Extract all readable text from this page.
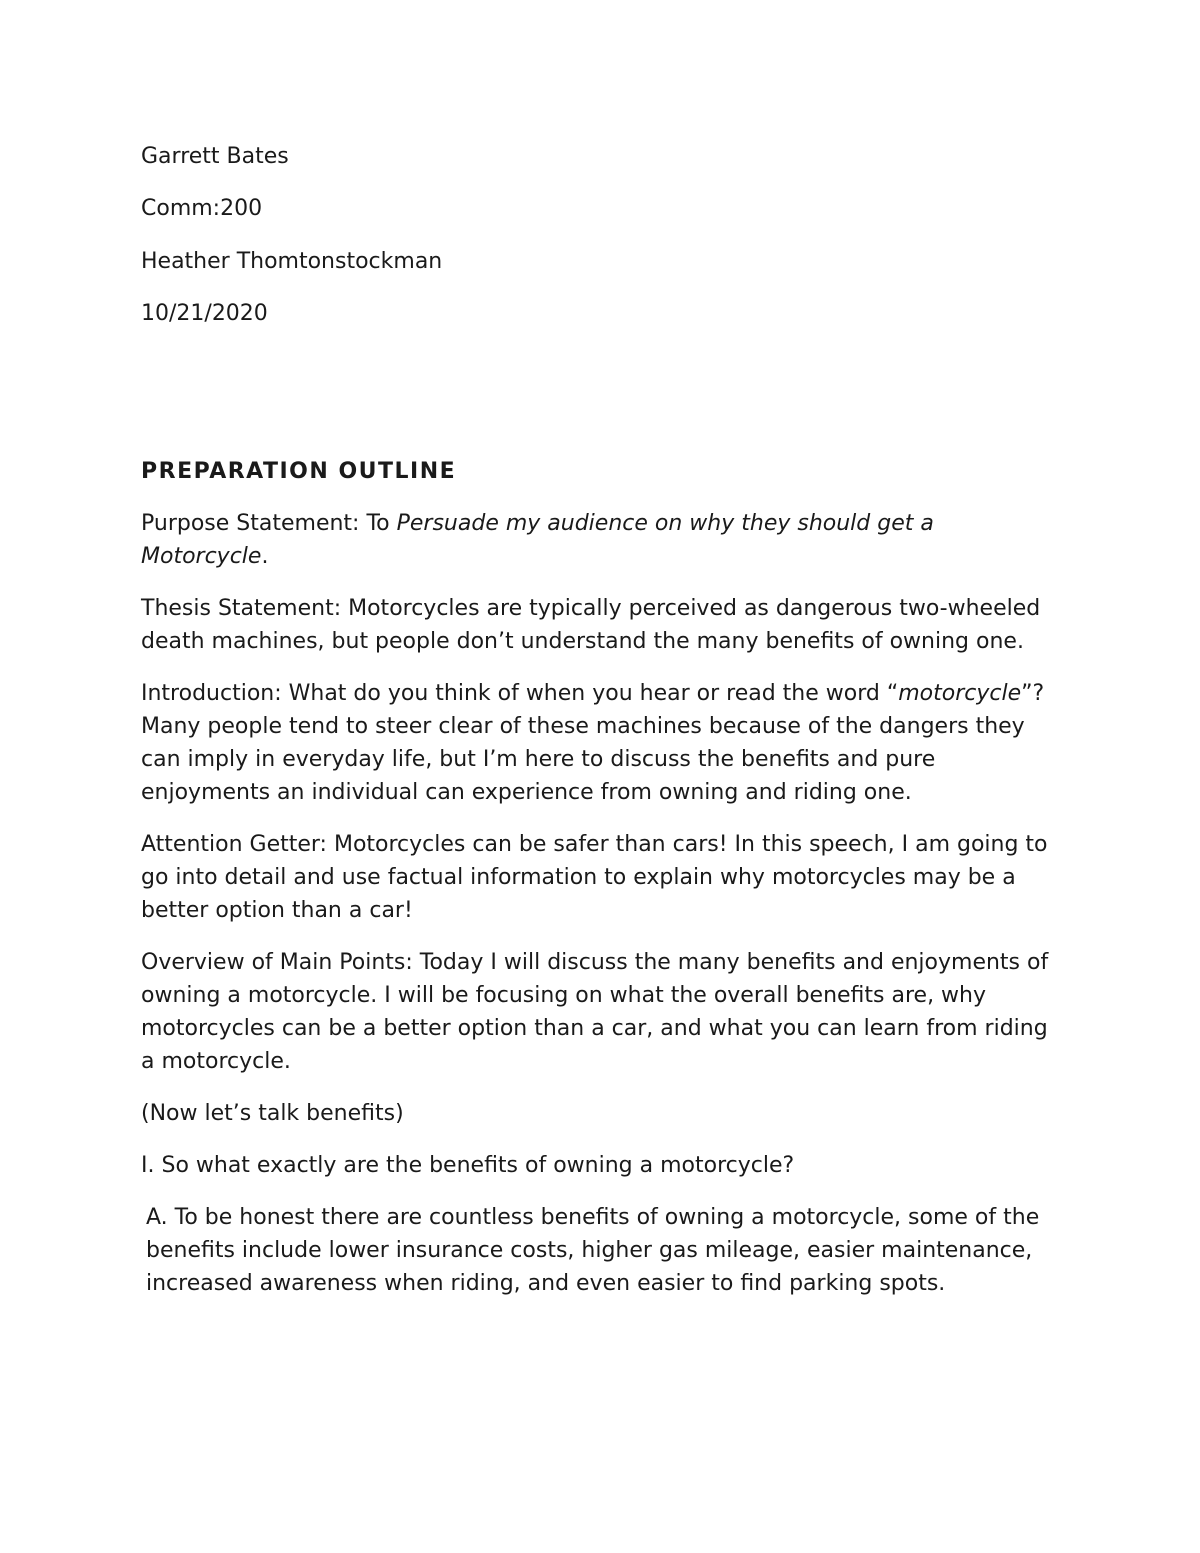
Garrett Bates

Comm:200

Heather Thomtonstockman

10/21/2020

PREPARATION OUTLINE

Purpose Statement: To Persuade my audience on why they should get a Motorcycle.

Thesis Statement: Motorcycles are typically perceived as dangerous two-wheeled death machines, but people don’t understand the many benefits of owning one.

Introduction: What do you think of when you hear or read the word “motorcycle”? Many people tend to steer clear of these machines because of the dangers they can imply in everyday life, but I’m here to discuss the benefits and pure enjoyments an individual can experience from owning and riding one.

Attention Getter: Motorcycles can be safer than cars! In this speech, I am going to go into detail and use factual information to explain why motorcycles may be a better option than a car!

Overview of Main Points: Today I will discuss the many benefits and enjoyments of owning a motorcycle. I will be focusing on what the overall benefits are, why motorcycles can be a better option than a car, and what you can learn from riding a motorcycle.

(Now let’s talk benefits)

I. So what exactly are the benefits of owning a motorcycle?

A. To be honest there are countless benefits of owning a motorcycle, some of the benefits include lower insurance costs, higher gas mileage, easier maintenance, increased awareness when riding, and even easier to find parking spots.
